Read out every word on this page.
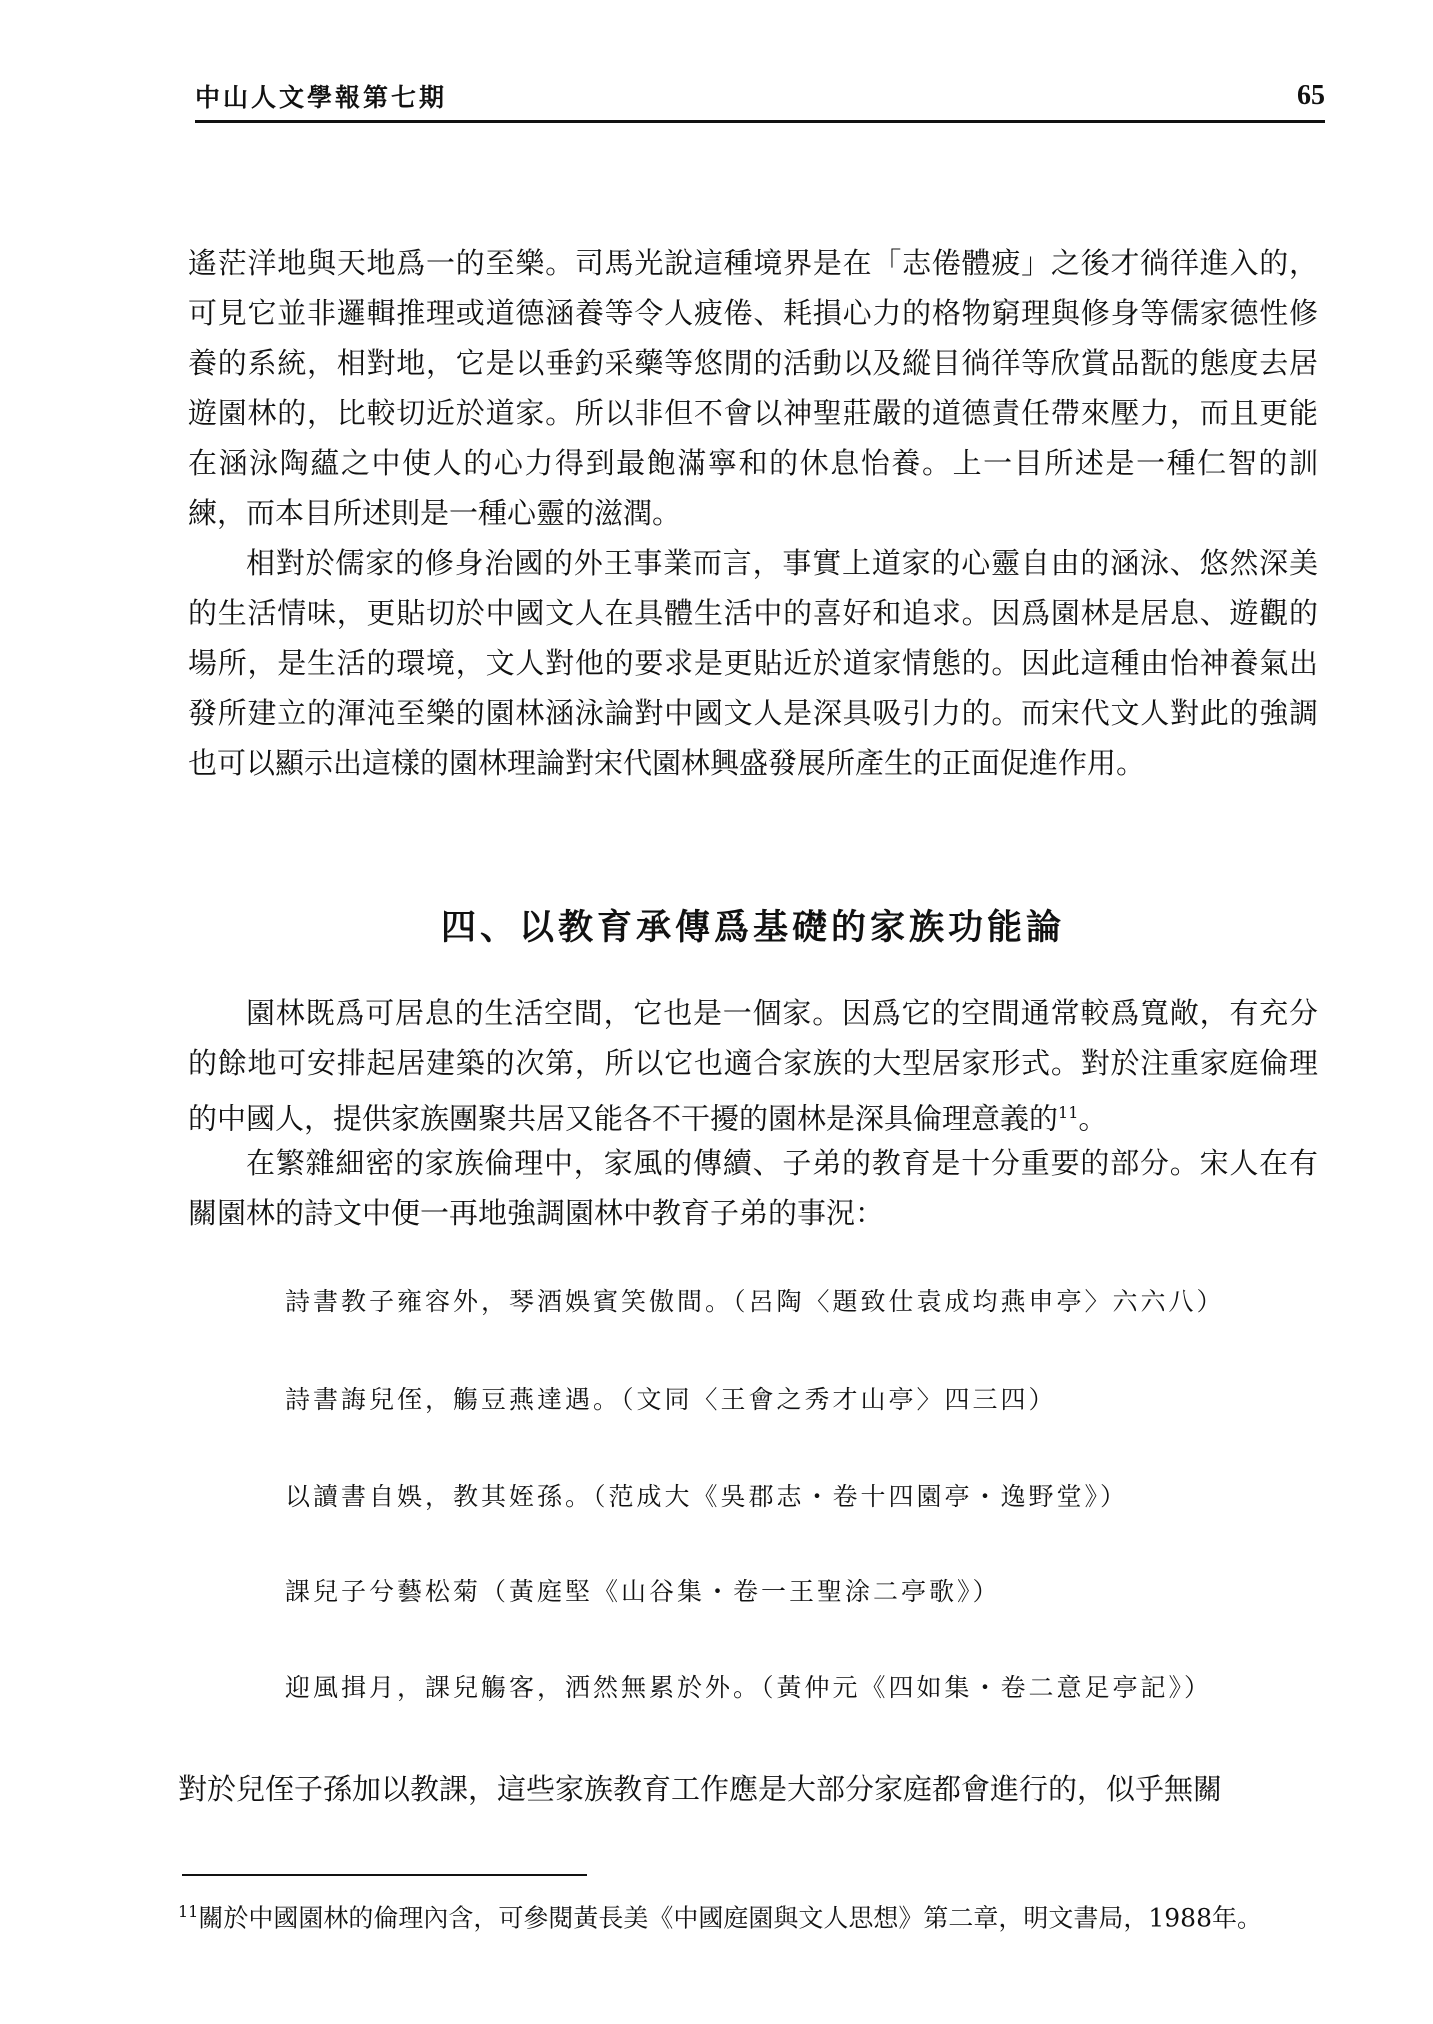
中山人文學報第七期	65

遙茫洋地與天地爲一的至樂。司馬光說這種境界是在「志倦體疲」之後才徜徉進入的，可見它並非邏輯推理或道德涵養等令人疲倦、耗損心力的格物窮理與修身等儒家德性修養的系統，相對地，它是以垂釣采藥等悠閒的活動以及縱目徜徉等欣賞品翫的態度去居遊園林的，比較切近於道家。所以非但不會以神聖莊嚴的道德責任帶來壓力，而且更能在涵泳陶蘊之中使人的心力得到最飽滿寧和的休息怡養。上一目所述是一種仁智的訓練，而本目所述則是一種心靈的滋潤。

相對於儒家的修身治國的外王事業而言，事實上道家的心靈自由的涵泳、悠然深美的生活情味，更貼切於中國文人在具體生活中的喜好和追求。因爲園林是居息、遊觀的場所，是生活的環境，文人對他的要求是更貼近於道家情態的。因此這種由怡神養氣出發所建立的渾沌至樂的園林涵泳論對中國文人是深具吸引力的。而宋代文人對此的強調也可以顯示出這樣的園林理論對宋代園林興盛發展所產生的正面促進作用。

四、以教育承傳爲基礎的家族功能論

園林既爲可居息的生活空間，它也是一個家。因爲它的空間通常較爲寬敞，有充分的餘地可安排起居建築的次第，所以它也適合家族的大型居家形式。對於注重家庭倫理的中國人，提供家族團聚共居又能各不干擾的園林是深具倫理意義的$^{11}$。

在繁雜細密的家族倫理中，家風的傳續、子弟的教育是十分重要的部分。宋人在有關園林的詩文中便一再地強調園林中教育子弟的事況：

詩書教子雍容外，琴酒娛賓笑傲間。（呂陶〈題致仕袁成均燕申亭〉六六八）
詩書誨兒侄，觴豆燕達遇。（文同〈王會之秀才山亭〉四三四）
以讀書自娛，教其姪孫。（范成大《吳郡志・卷十四園亭・逸野堂》）
課兒子兮藝松菊（黃庭堅《山谷集・卷一王聖涂二亭歌》）
迎風揖月，課兒觴客，洒然無累於外。（黃仲元《四如集・卷二意足亭記》）

對於兒侄子孫加以教課，這些家族教育工作應是大部分家庭都會進行的，似乎無關

$^{11}$關於中國園林的倫理內含，可參閱黃長美《中國庭園與文人思想》第二章，明文書局，1988年。
